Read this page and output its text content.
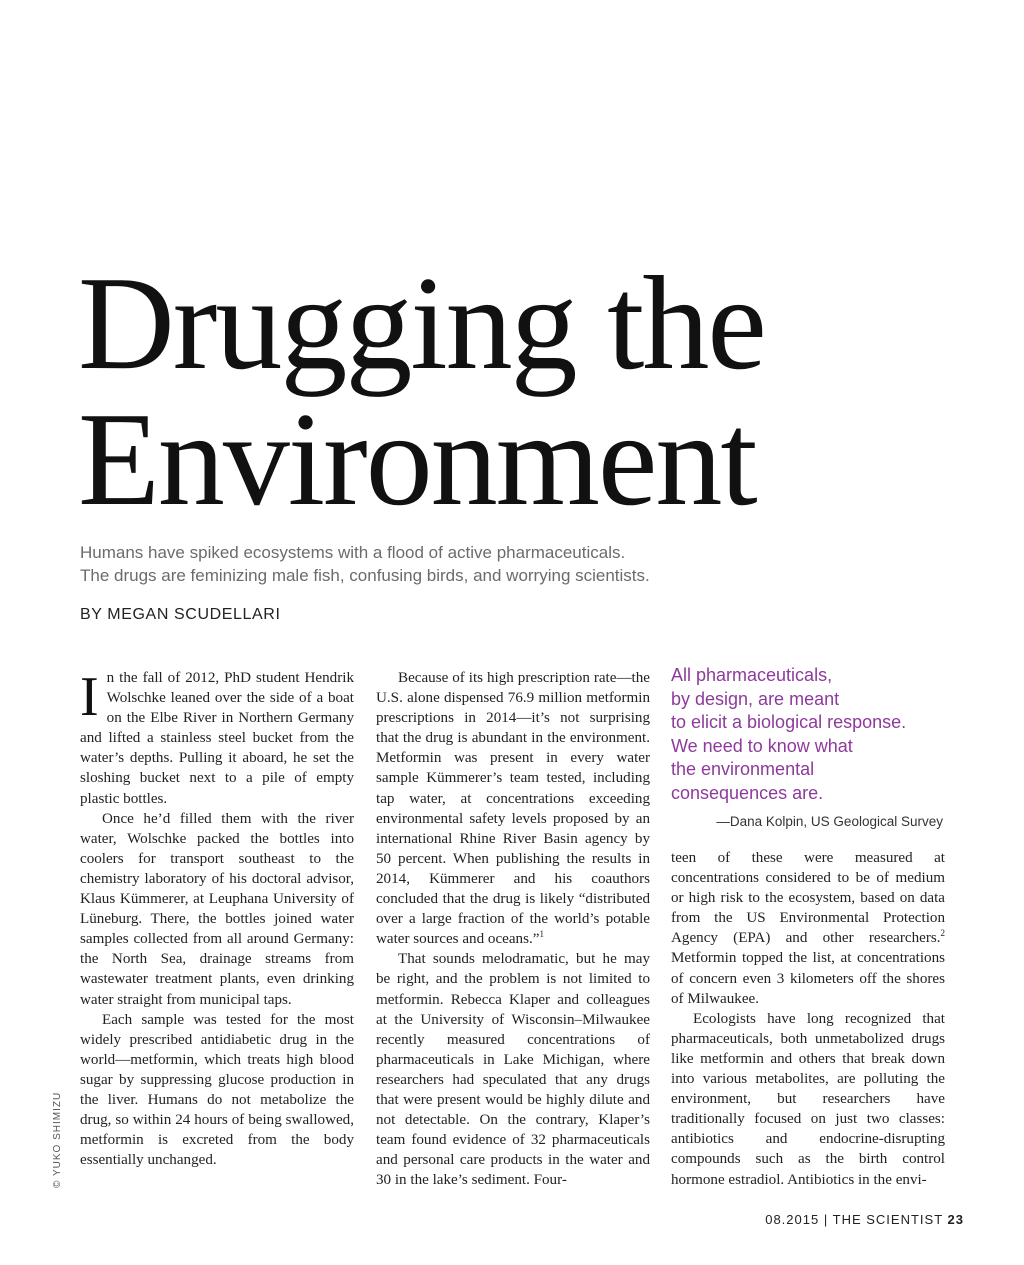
Drugging the
Environment

Humans have spiked ecosystems with a flood of active pharmaceuticals.
The drugs are feminizing male fish, confusing birds, and worrying scientists.

BY MEGAN SCUDELLARI

In the fall of 2012, PhD student Hendrik Wolschke leaned over the side of a boat on the Elbe River in Northern Germany and lifted a stainless steel bucket from the water’s depths. Pulling it aboard, he set the sloshing bucket next to a pile of empty plastic bottles.

Once he’d filled them with the river water, Wolschke packed the bottles into coolers for transport southeast to the chemistry laboratory of his doctoral advisor, Klaus Kümmerer, at Leuphana University of Lüneburg. There, the bottles joined water samples collected from all around Germany: the North Sea, drainage streams from wastewater treatment plants, even drinking water straight from municipal taps.

Each sample was tested for the most widely prescribed antidiabetic drug in the world—metformin, which treats high blood sugar by suppressing glucose production in the liver. Humans do not metabolize the drug, so within 24 hours of being swallowed, metformin is excreted from the body essentially unchanged.

Because of its high prescription rate—the U.S. alone dispensed 76.9 million metformin prescriptions in 2014—it’s not surprising that the drug is abundant in the environment. Metformin was present in every water sample Kümmerer’s team tested, including tap water, at concentrations exceeding environmental safety levels proposed by an international Rhine River Basin agency by 50 percent. When publishing the results in 2014, Kümmerer and his coauthors concluded that the drug is likely “distributed over a large fraction of the world’s potable water sources and oceans.”$^1$

That sounds melodramatic, but he may be right, and the problem is not limited to metformin. Rebecca Klaper and colleagues at the University of Wisconsin–Milwaukee recently measured concentrations of pharmaceuticals in Lake Michigan, where researchers had speculated that any drugs that were present would be highly dilute and not detectable. On the contrary, Klaper’s team found evidence of 32 pharmaceuticals and personal care products in the water and 30 in the lake’s sediment. Four-

All pharmaceuticals,
by design, are meant
to elicit a biological response.
We need to know what
the environmental
consequences are.

—Dana Kolpin, US Geological Survey

teen of these were measured at concentrations considered to be of medium or high risk to the ecosystem, based on data from the US Environmental Protection Agency (EPA) and other researchers.$^2$ Metformin topped the list, at concentrations of concern even 3 kilometers off the shores of Milwaukee.

Ecologists have long recognized that pharmaceuticals, both unmetabolized drugs like metformin and others that break down into various metabolites, are polluting the environment, but researchers have traditionally focused on just two classes: antibiotics and endocrine-disrupting compounds such as the birth control hormone estradiol. Antibiotics in the envi-

© YUKO SHIMIZU
08.2015 | THE SCIENTIST 23
